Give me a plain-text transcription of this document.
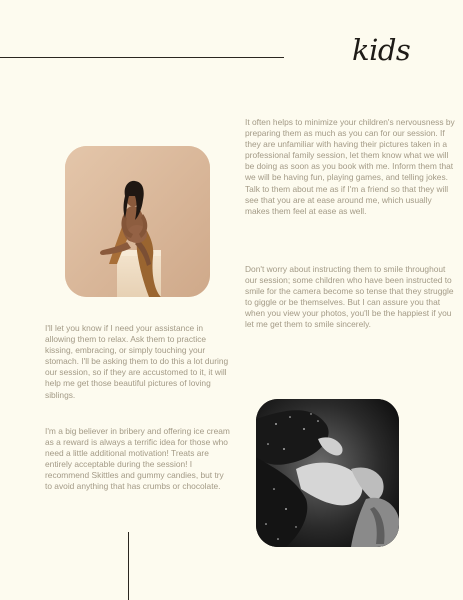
kids

It often helps to minimize your children's nervousness by preparing them as much as you can for our session. If they are unfamiliar with having their pictures taken in a professional family session, let them know what we will be doing as soon as you book with me. Inform them that we will be having fun, playing games, and telling jokes. Talk to them about me as if I'm a friend so that they will see that you are at ease around me, which usually makes them feel at ease as well.

Don't worry about instructing them to smile throughout our session; some children who have been instructed to smile for the camera become so tense that they struggle to giggle or be themselves. But I can assure you that when you view your photos, you'll be the happiest if you let me get them to smile sincerely.

I'll let you know if I need your assistance in allowing them to relax. Ask them to practice kissing, embracing, or simply touching your stomach. I'll be asking them to do this a lot during our session, so if they are accustomed to it, it will help me get those beautiful pictures of loving siblings.

I'm a big believer in bribery and offering ice cream as a reward is always a terrific idea for those who need a little additional motivation! Treats are entirely acceptable during the session! I recommend Skittles and gummy candies, but try to avoid anything that has crumbs or chocolate.
